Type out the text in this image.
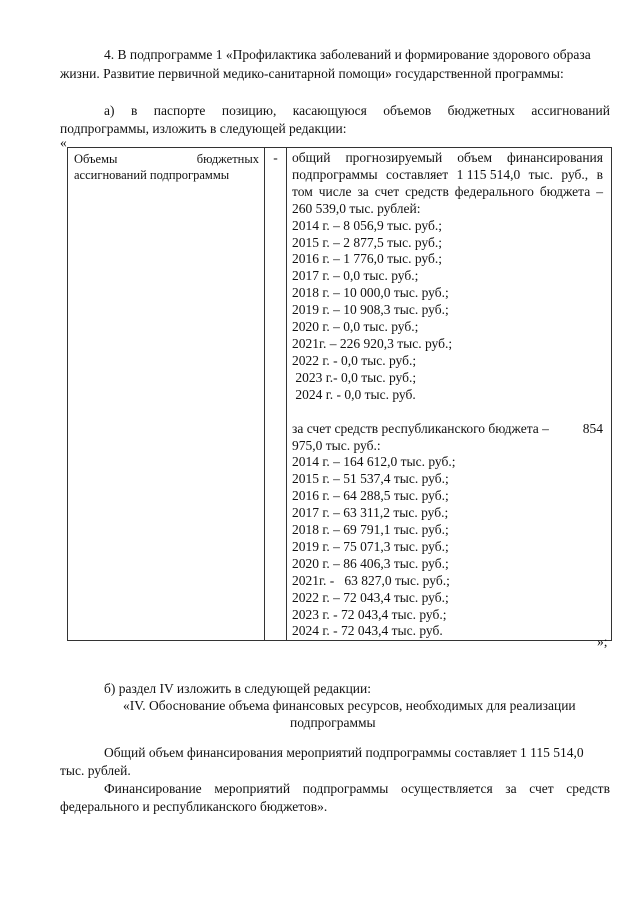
4. В подпрограмме 1 «Профилактика заболеваний и формирование здорового образа
жизни. Развитие первичной медико-санитарной помощи» государственной программы:
а) в паспорте позицию, касающуюся объемов бюджетных ассигнований
подпрограммы, изложить в следующей редакции:
«
Объемы	бюджетных
ассигнований подпрограммы

-	общий прогнозируемый объем финансирования
подпрограммы составляет 1 115 514,0 тыс. руб., в
том числе за счет средств федерального бюджета –
260 539,0 тыс. рублей:
2014 г. – 8 056,9 тыс. руб.;
2015 г. – 2 877,5 тыс. руб.;
2016 г. – 1 776,0 тыс. руб.;
2017 г. – 0,0 тыс. руб.;
2018 г. – 10 000,0 тыс. руб.;
2019 г. – 10 908,3 тыс. руб.;
2020 г. – 0,0 тыс. руб.;
2021г. – 226 920,3 тыс. руб.;
2022 г. - 0,0 тыс. руб.;
2023 г.- 0,0 тыс. руб.;
2024 г. - 0,0 тыс. руб.
за счет средств республиканского бюджета –	854
975,0 тыс. руб.:
2014 г. – 164 612,0 тыс. руб.;
2015 г. – 51 537,4 тыс. руб.;
2016 г. – 64 288,5 тыс. руб.;
2017 г. – 63 311,2 тыс. руб.;
2018 г. – 69 791,1 тыс. руб.;
2019 г. – 75 071,3 тыс. руб.;
2020 г. – 86 406,3 тыс. руб.;
2021г. -   63 827,0 тыс. руб.;
2022 г. – 72 043,4 тыс. руб.;
2023 г. - 72 043,4 тыс. руб.;
2024 г. - 72 043,4 тыс. руб.
»;
б) раздел IV изложить в следующей редакции:
«IV. Обоснование объема финансовых ресурсов, необходимых для реализации
подпрограммы
Общий объем финансирования мероприятий подпрограммы составляет 1 115 514,0
тыс. рублей.
Финансирование мероприятий подпрограммы осуществляется за счет средств
федерального и республиканского бюджетов».
